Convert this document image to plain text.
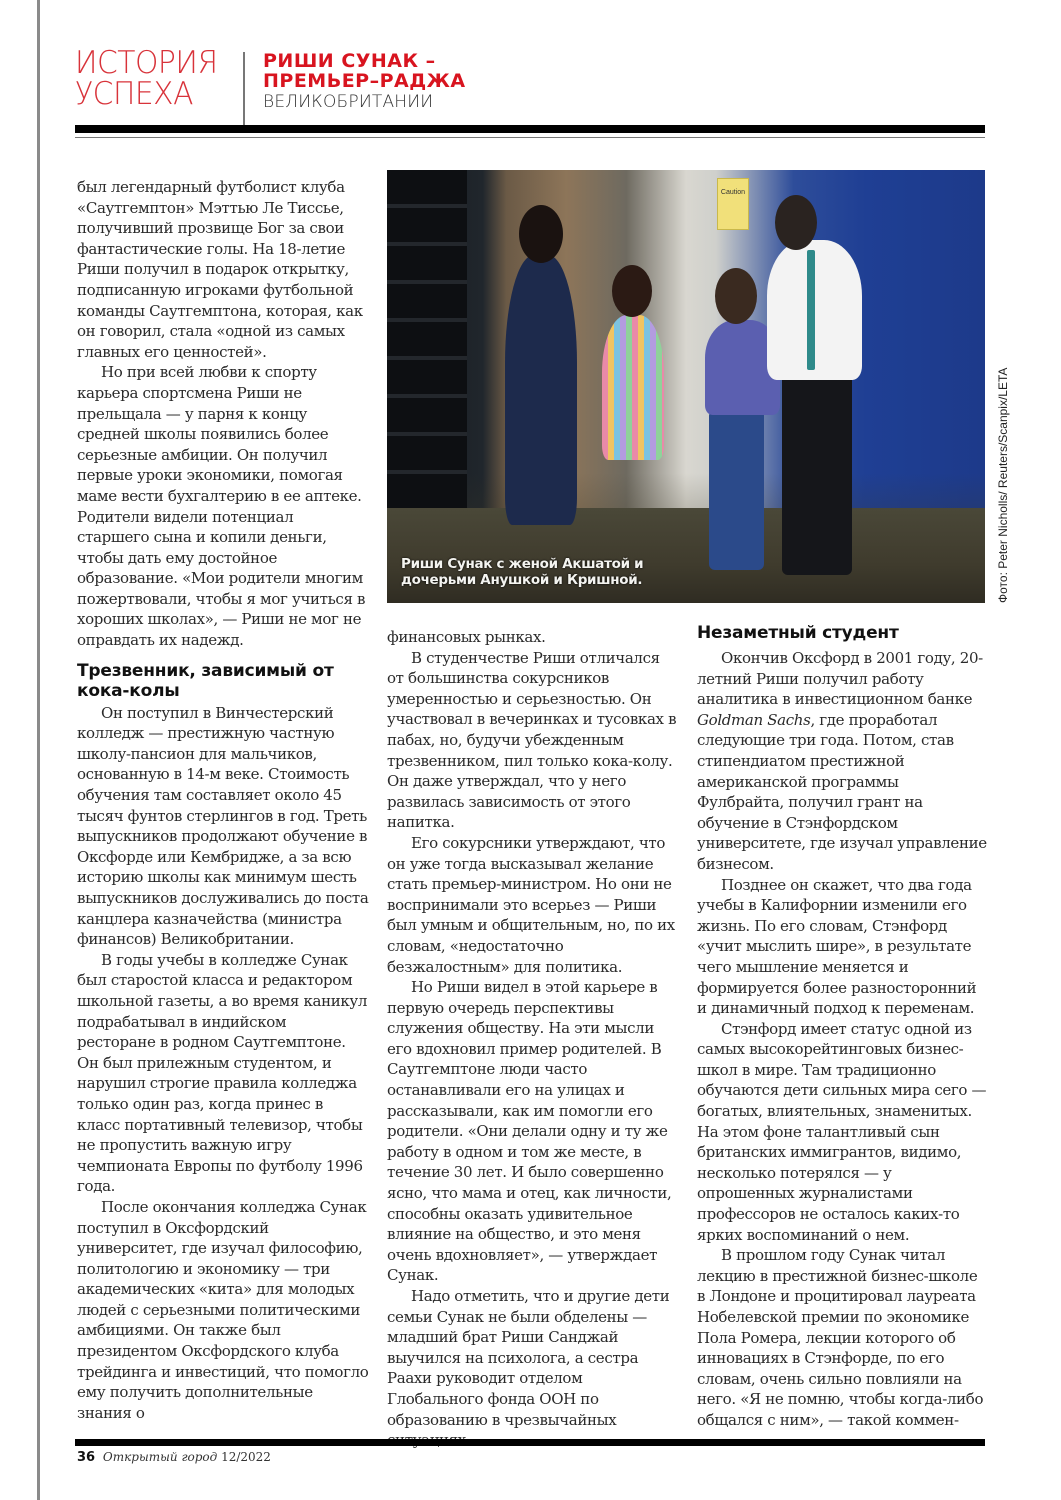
ИСТОРИЯ
УСПЕХА
РИШИ СУНАК –
ПРЕМЬЕР–РАДЖА
ВЕЛИКОБРИТАНИИ

был легендарный футболист клуба «Саутгемптон» Мэттью Ле Тиссье, получивший прозвище Бог за свои фантастические голы. На 18-летие Риши получил в подарок открытку, подписанную игроками футбольной команды Саутгемптона, которая, как он говорил, стала «одной из самых главных его ценностей».

Но при всей любви к спорту карьера спортсмена Риши не прельщала — у парня к концу средней школы появились более серьезные амбиции. Он получил первые уроки экономики, помогая маме вести бухгалтерию в ее аптеке. Родители видели потенциал старшего сына и копили деньги, чтобы дать ему достойное образование. «Мои родители многим пожертвовали, чтобы я мог учиться в хороших школах», — Риши не мог не оправдать их надежд.

Трезвенник, зависимый от кока-колы

Он поступил в Винчестерский колледж — престижную частную школу-пансион для мальчиков, основанную в 14-м веке. Стоимость обучения там составляет около 45 тысяч фунтов стерлингов в год. Треть выпускников продолжают обучение в Оксфорде или Кембридже, а за всю историю школы как минимум шесть выпускников дослуживались до поста канцлера казначейства (министра финансов) Великобритании.

В годы учебы в колледже Сунак был старостой класса и редактором школьной газеты, а во время каникул подрабатывал в индийском ресторане в родном Саутгемптоне. Он был прилежным студентом, и нарушил строгие правила колледжа только один раз, когда принес в класс портативный телевизор, чтобы не пропустить важную игру чемпионата Европы по футболу 1996 года.

После окончания колледжа Сунак поступил в Оксфордский университет, где изучал философию, политологию и экономику — три академических «кита» для молодых людей с серьезными политическими амбициями. Он также был президентом Оксфордского клуба трейдинга и инвестиций, что помогло ему получить дополнительные знания о

Caution
Риши Сунак с женой Акшатой и
дочерьми Анушкой и Кришной.	Фото: Peter Nicholls/ Reuters/Scanpix/LETA

финансовых рынках.

В студенчестве Риши отличался от большинства сокурсников умеренностью и серьезностью. Он участвовал в вечеринках и тусовках в пабах, но, будучи убежденным трезвенником, пил только кока-колу. Он даже утверждал, что у него развилась зависимость от этого напитка.

Его сокурсники утверждают, что он уже тогда высказывал желание стать премьер-министром. Но они не воспринимали это всерьез — Риши был умным и общительным, но, по их словам, «недостаточно безжалостным» для политика.

Но Риши видел в этой карьере в первую очередь перспективы служения обществу. На эти мысли его вдохновил пример родителей. В Саутгемптоне люди часто останавливали его на улицах и рассказывали, как им помогли его родители. «Они делали одну и ту же работу в одном и том же месте, в течение 30 лет. И было совершенно ясно, что мама и отец, как личности, способны оказать удивительное влияние на общество, и это меня очень вдохновляет», — утверждает Сунак.

Надо отметить, что и другие дети семьи Сунак не были обделены — младший брат Риши Санджай выучился на психолога, а сестра Раахи руководит отделом Глобального фонда ООН по образованию в чрезвычайных

Незаметный студент

Окончив Оксфорд в 2001 году, 20-летний Риши получил работу аналитика в инвестиционном банке Goldman Sachs, где проработал следующие три года. Потом, став стипендиатом престижной американской программы Фулбрайта, получил грант на обучение в Стэнфордском университете, где изучал управление бизнесом.

Позднее он скажет, что два года учебы в Калифорнии изменили его жизнь. По его словам, Стэнфорд «учит мыслить шире», в результате чего мышление меняется и формируется более разносторонний и динамичный подход к переменам.

Стэнфорд имеет статус одной из самых высокорейтинговых бизнес-школ в мире. Там традиционно обучаются дети сильных мира сего — богатых, влиятельных, знаменитых. На этом фоне талантливый сын британских иммигрантов, видимо, несколько потерялся — у опрошенных журналистами профессоров не осталось каких-то ярких воспоминаний о нем.

В прошлом году Сунак читал лекцию в престижной бизнес-школе в Лондоне и процитировал лауреата Нобелевской премии по экономике Пола Ромера, лекции которого об инновациях в Стэнфорде, по его словам, очень сильно повлияли на него. «Я не помню, чтобы когда-либо общался с ним», — такой коммен-

36 Открытый город 12/2022
